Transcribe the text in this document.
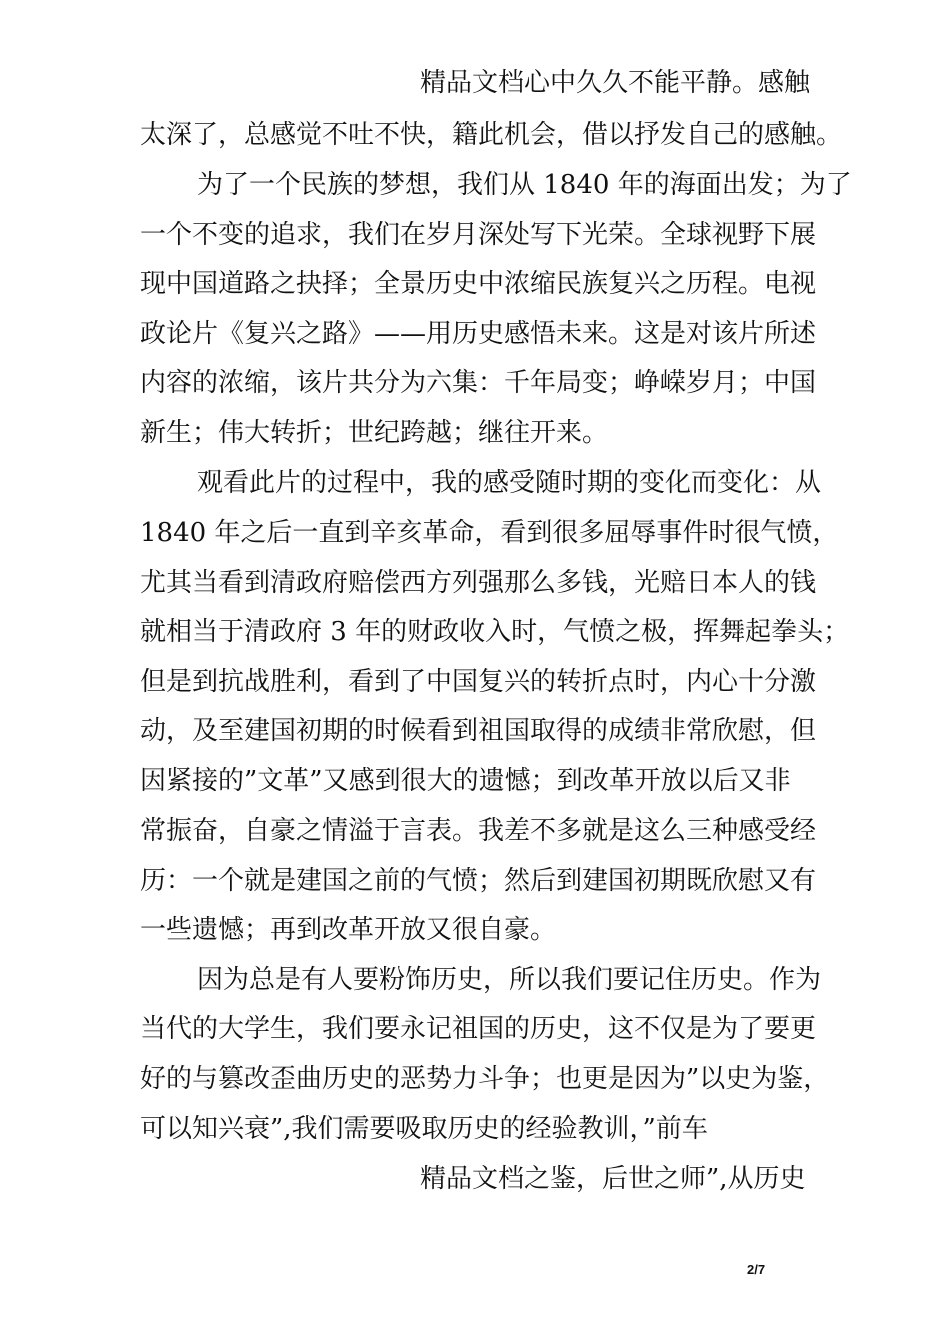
精品文档心中久久不能平静。感触
太深了，总感觉不吐不快，籍此机会，借以抒发自己的感触。
为了一个民族的梦想，我们从 1840 年的海面出发；为了
一个不变的追求，我们在岁月深处写下光荣。全球视野下展
现中国道路之抉择；全景历史中浓缩民族复兴之历程。电视
政论片《复兴之路》——用历史感悟未来。这是对该片所述
内容的浓缩，该片共分为六集：千年局变；峥嵘岁月；中国
新生；伟大转折；世纪跨越；继往开来。
观看此片的过程中，我的感受随时期的变化而变化：从
1840 年之后一直到辛亥革命，看到很多屈辱事件时很气愤，
尤其当看到清政府赔偿西方列强那么多钱，光赔日本人的钱
就相当于清政府 3 年的财政收入时，气愤之极，挥舞起拳头；
但是到抗战胜利，看到了中国复兴的转折点时，内心十分激
动，及至建国初期的时候看到祖国取得的成绩非常欣慰，但
因紧接的”文革”又感到很大的遗憾；到改革开放以后又非
常振奋，自豪之情溢于言表。我差不多就是这么三种感受经
历：一个就是建国之前的气愤；然后到建国初期既欣慰又有
一些遗憾；再到改革开放又很自豪。
因为总是有人要粉饰历史，所以我们要记住历史。作为
当代的大学生，我们要永记祖国的历史，这不仅是为了要更
好的与篡改歪曲历史的恶势力斗争；也更是因为”以史为鉴，
可以知兴衰”,我们需要吸取历史的经验教训，”前车
精品文档之鉴，后世之师”,从历史
2/7
